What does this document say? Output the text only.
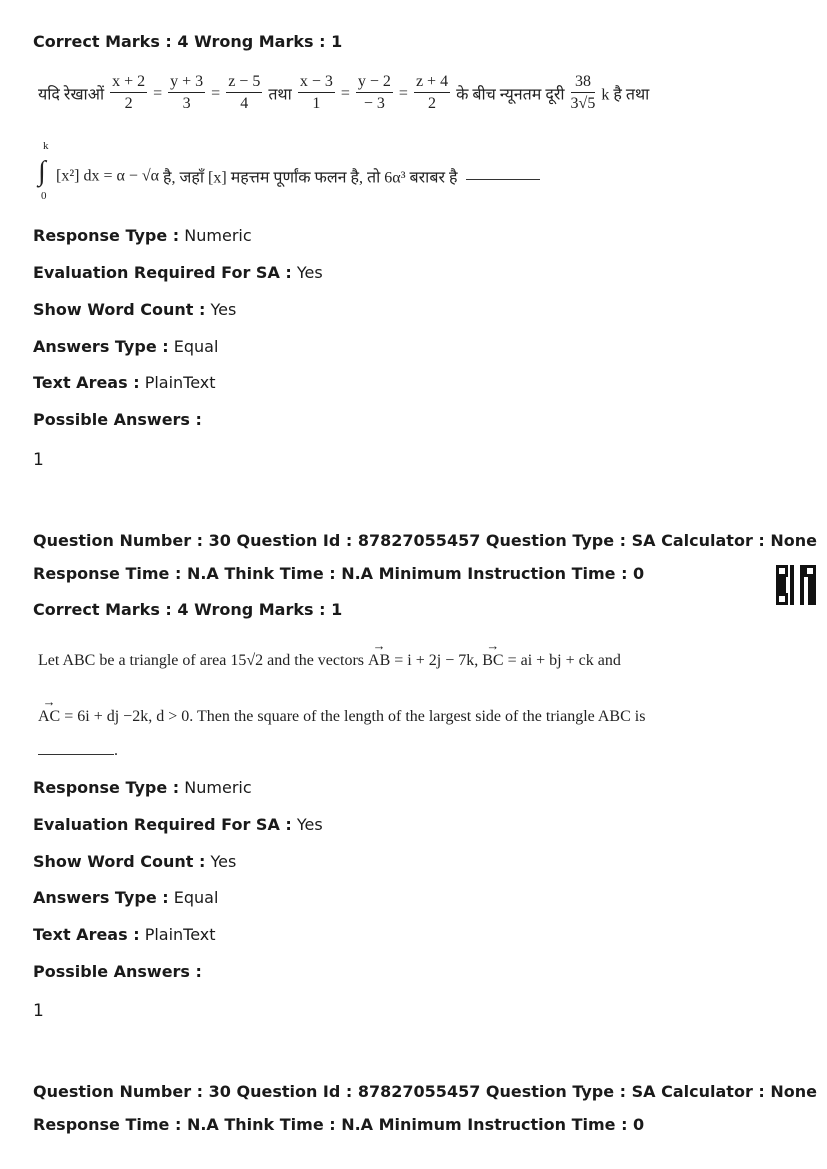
Correct Marks : 4 Wrong Marks : 1
यदि रेखाओं $\frac{x + 2}{2} = \frac{y + 3}{3} = \frac{z - 5}{4}$ तथा $\frac{x - 3}{1} = \frac{y - 2}{- 3} = \frac{z + 4}{2}$ के बीच न्यूनतम दूरी $\frac{38}{3√5}$ k है तथा
k
∫
0
[x²] dx = α − √α है, जहाँ [x] महत्तम पूर्णांक फलन है, तो 6α³ बराबर है
Response Type : Numeric
Evaluation Required For SA : Yes
Show Word Count : Yes
Answers Type : Equal
Text Areas : PlainText
Possible Answers :
1
Question Number : 30 Question Id : 87827055457 Question Type : SA Calculator : None
Response Time : N.A Think Time : N.A Minimum Instruction Time : 0
Correct Marks : 4 Wrong Marks : 1
Let ABC be a triangle of area 15√2 and the vectors
→
AB = i + 2j − 7k,
→
BC = ai + bj + ck and
→
AC = 6i + dj −2k, d > 0. Then the square of the length of the largest side of the triangle ABC is
.
Response Type : Numeric
Evaluation Required For SA : Yes
Show Word Count : Yes
Answers Type : Equal
Text Areas : PlainText
Possible Answers :
1
Question Number : 30 Question Id : 87827055457 Question Type : SA Calculator : None
Response Time : N.A Think Time : N.A Minimum Instruction Time : 0
